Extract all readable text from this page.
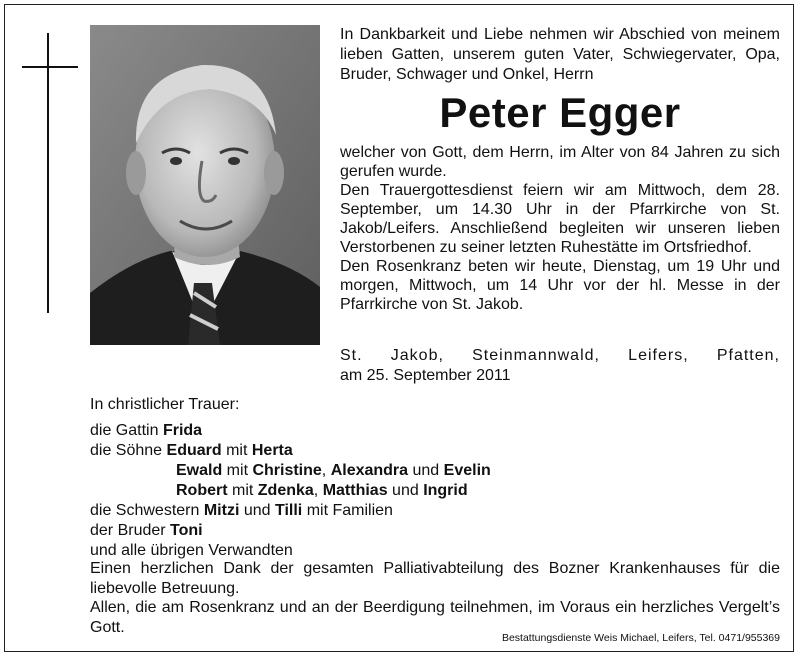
In Dankbarkeit und Liebe nehmen wir Abschied von meinem lieben Gatten, unserem guten Vater, Schwiegervater, Opa, Bruder, Schwager und Onkel, Herrn
Peter Egger

welcher von Gott, dem Herrn, im Alter von 84 Jahren zu sich gerufen wurde.

Den Trauergottesdienst feiern wir am Mittwoch, dem 28. September, um 14.30 Uhr in der Pfarrkirche von St. Jakob/Leifers. Anschließend begleiten wir unseren lieben Verstorbenen zu seiner letzten Ruhestätte im Ortsfriedhof.

Den Rosenkranz beten wir heute, Dienstag, um 19 Uhr und morgen, Mittwoch, um 14 Uhr vor der hl. Messe in der Pfarrkirche von St. Jakob.

St. Jakob, Steinmannwald, Leifers, Pfatten,
am 25. September 2011
In christlicher Trauer:
die Gattin Frida
die Söhne Eduard mit Herta
Ewald mit Christine, Alexandra und Evelin
Robert mit Zdenka, Matthias und Ingrid
die Schwestern Mitzi und Tilli mit Familien
der Bruder Toni
und alle übrigen Verwandten

Einen herzlichen Dank der gesamten Palliativabteilung des Bozner Krankenhauses für die liebevolle Betreuung.

Allen, die am Rosenkranz und an der Beerdigung teilnehmen, im Voraus ein herzliches Vergelt’s Gott.

Bestattungsdienste Weis Michael, Leifers, Tel. 0471/955369
